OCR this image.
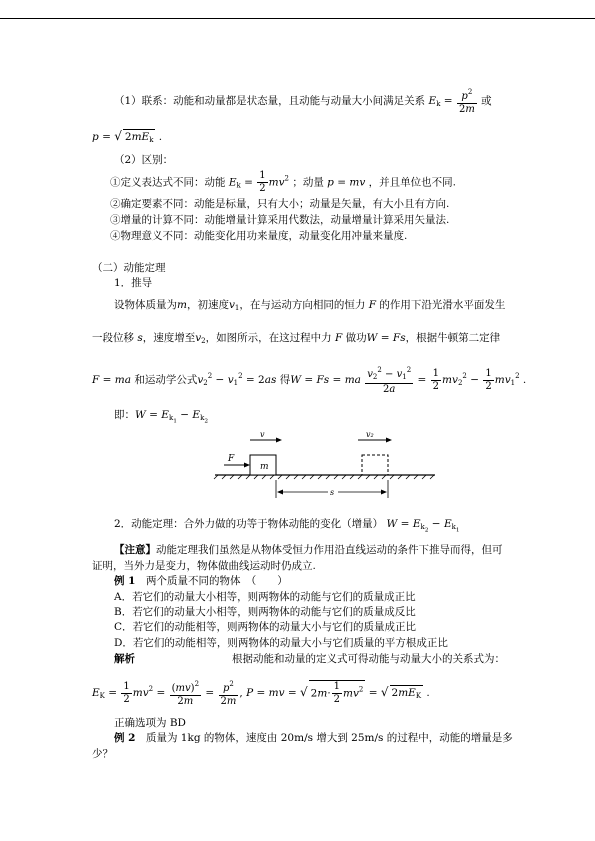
（1）联系：动能和动量都是状态量，且动能与动量大小间满足关系 $E_k = \frac{p^2}{2m}$ 或
p = √ $2mE_k$ .
（2）区别：
①定义表达式不同：动能 $E_k = \frac{1}{2} mv^2$ ；动量 p = mv ，并且单位也不同.
②确定要素不同：动能是标量，只有大小；动量是矢量，有大小且有方向.
③增量的计算不同：动能增量计算采用代数法，动量增量计算采用矢量法.
④物理意义不同：动能变化用功来量度，动量变化用冲量来量度.
（二）动能定理
1．推导
设物体质量为m，初速度$v_1$，在与运动方向相同的恒力 F 的作用下沿光滑水平面发生
一段位移 s，速度增至$v_2$，如图所示，在这过程中力 F 做功W = Fs，根据牛顿第二定律
F = ma 和运动学公式$v_2^2 - v_1^2 = 2as$ 得W = Fs = ma $\frac{v_2^2 - v_1^2}{2a} = \frac{1}{2} mv_2^2 - \frac{1}{2} mv_1^2$ .
即：$W = E_{k_1} - E_{k_2}$
m
F
v	v₂
s
2．动能定理：合外力做的功等于物体动能的变化（增量） $W = E_{k_2} - E_{k_1}$
【注意】动能定理我们虽然是从物体受恒力作用沿直线运动的条件下推导而得，但可
证明，当外力是变力，物体做曲线运动时仍成立.
例 1　 两个质量不同的物体　（　　）
A．若它们的动量大小相等，则两物体的动能与它们的质量成正比
B．若它们的动量大小相等，则两物体的动能与它们的质量成反比
C．若它们的动能相等，则两物体的动量大小与它们的质量成正比
D．若它们的动能相等，则两物体的动量大小与它们质量的平方根成正比
解析	根据动能和动量的定义式可得动能与动量大小的关系式为：
$E_K = \frac{1}{2} mv^2 = \frac{(mv)^2}{2m} = \frac{p^2}{2m}$ , P = mv = √ $2m\cdot \frac{1}{2} mv^2$ = √ $2mE_K$ .
正确选项为 BD
例 2　 质量为 1kg 的物体，速度由 20m/s 增大到 25m/s 的过程中，动能的增量是多
少？
